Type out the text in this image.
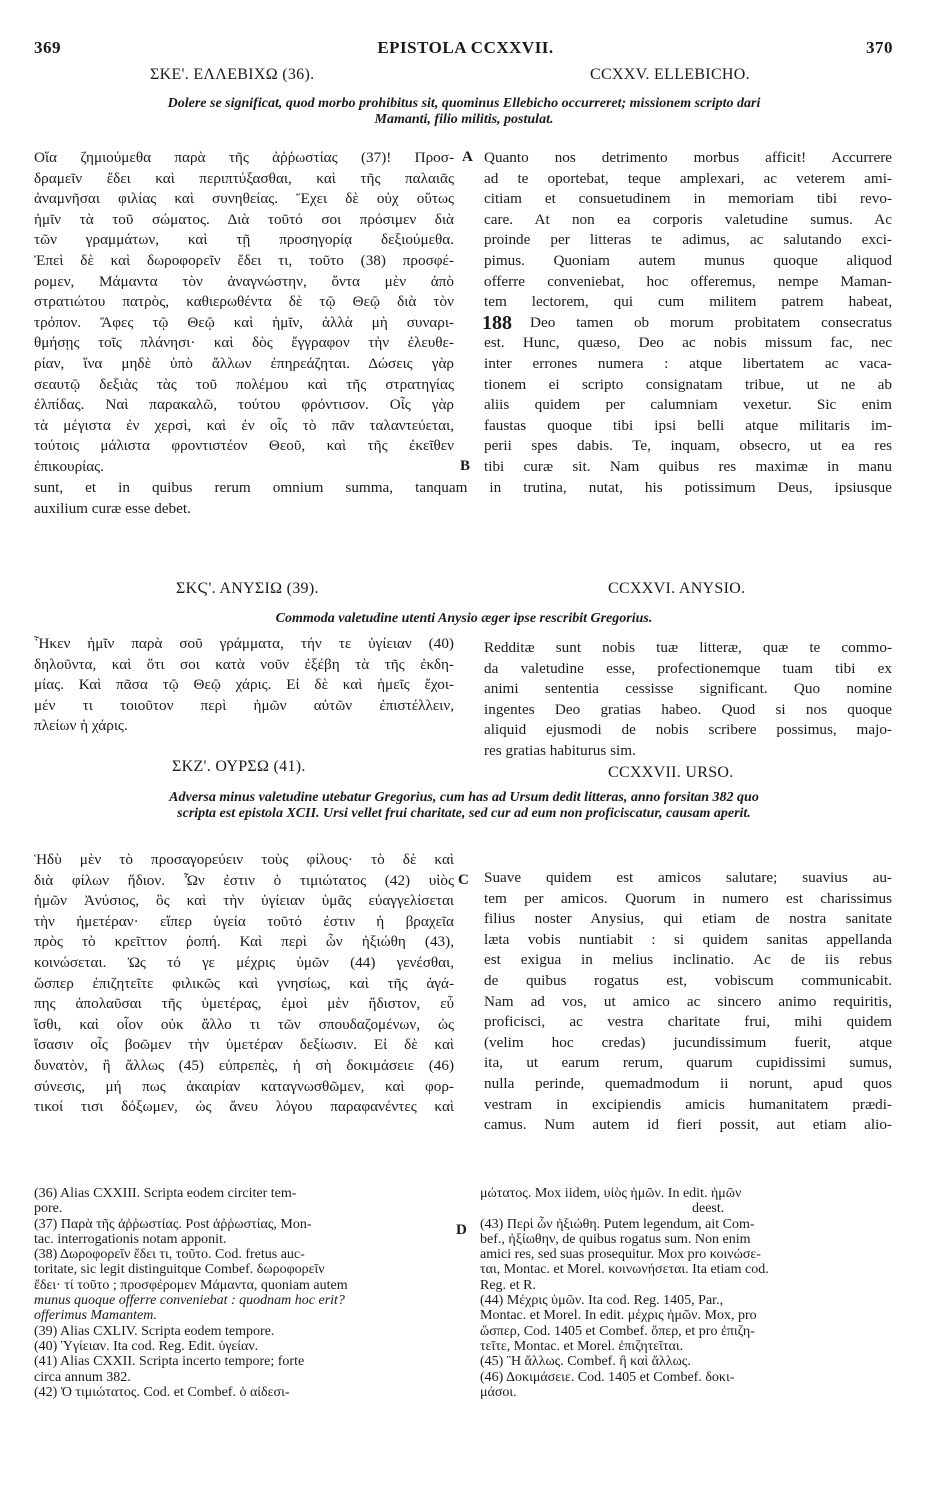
369	EPISTOLA CCXXVII.	370
ΣΚΕ'. ΕΛΛΕΒΙΧΩ (36).	CCXXV. ELLEBICHO.
Dolere se significat, quod morbo prohibitus sit, quominus Ellebicho occurreret; missionem scripto dari
Mamanti, filio militis, postulat.
Οἵα ζημιούμεθα παρὰ τῆς ἀῤῥωστίας (37)! Προσ-
δραμεῖν ἔδει καὶ περιπτύξασθαι, καὶ τῆς παλαιᾶς
ἀναμνῆσαι φιλίας καὶ συνηθείας. Ἔχει δὲ οὐχ οὕτως
ἡμῖν τὰ τοῦ σώματος. Διὰ τοῦτό σοι πρόσιμεν διὰ
τῶν γραμμάτων, καὶ τῇ προσηγορίᾳ δεξιούμεθα.
Ἐπεὶ δὲ καὶ δωροφορεῖν ἔδει τι, τοῦτο (38) προσφέ-
ρομεν, Μάμαντα τὸν ἀναγνώστην, ὄντα μὲν ἀπὸ
στρατιώτου πατρὸς, καθιερωθέντα δὲ τῷ Θεῷ διὰ τὸν
τρόπον. Ἄφες τῷ Θεῷ καὶ ἡμῖν, ἀλλὰ μὴ συναρι-
θμήσῃς τοῖς πλάνησι· καὶ δὸς ἔγγραφον τὴν ἐλευθε-
ρίαν, ἵνα μηδὲ ὑπὸ ἄλλων ἐπηρεάζηται. Δώσεις γὰρ
σεαυτῷ δεξιὰς τὰς τοῦ πολέμου καὶ τῆς στρατηγίας
ἐλπίδας. Ναὶ παρακαλῶ, τούτου φρόντισον. Οἷς γὰρ
τὰ μέγιστα ἐν χερσὶ, καὶ ἐν οἷς τὸ πᾶν ταλαντεύεται,
τούτοις μάλιστα φροντιστέον Θεοῦ, καὶ τῆς ἐκεῖθεν
ἐπικουρίας.
A Quanto nos detrimento morbus afficit! Accurrere
ad te oportebat, teque amplexari, ac veterem ami-
citiam et consuetudinem in memoriam tibi revo-
care. At non ea corporis valetudine sumus. Ac
proinde per litteras te adimus, ac salutando exci-
pimus. Quoniam autem munus quoque aliquod
offerre conveniebat, hoc offeremus, nempe Maman-
tem lectorem, qui cum militem patrem habeat,
Deo tamen ob morum probitatem consecratus
est. Hunc, quæso, Deo ac nobis missum fac, nec
inter errones numera : atque libertatem ac vaca-
tionem ei scripto consignatam tribue, ut ne ab
aliis quidem per calumniam vexetur. Sic enim
faustas quoque tibi ipsi belli atque militaris im-
perii spes dabis. Te, inquam, obsecro, ut ea res
tibi curæ sit. Nam quibus res maximæ in manu
188
B
sunt, et in quibus rerum omnium summa, tanquam in trutina, nutat, his potissimum Deus, ipsiusque
auxilium curæ esse debet.
ΣΚϚ'. ΑΝΥΣΙΩ (39).	CCXXVI. ANYSIO.
Commoda valetudine utenti Anysio æger ipse rescribit Gregorius.
Ἧκεν ἡμῖν παρὰ σοῦ γράμματα, τήν τε ὑγίειαν (40)
δηλοῦντα, καὶ ὅτι σοι κατὰ νοῦν ἐξέβη τὰ τῆς ἐκδη-
μίας. Καὶ πᾶσα τῷ Θεῷ χάρις. Εἰ δὲ καὶ ἡμεῖς ἔχοι-
μέν τι τοιοῦτον περὶ ἡμῶν αὐτῶν ἐπιστέλλειν,
πλείων ἡ χάρις.
Redditæ sunt nobis tuæ litteræ, quæ te commo-
da valetudine esse, profectionemque tuam tibi ex
animi sententia cessisse significant. Quo nomine
ingentes Deo gratias habeo. Quod si nos quoque
aliquid ejusmodi de nobis scribere possimus, majo-
res gratias habiturus sim.
ΣΚΖ'. ΟΥΡΣΩ (41).	CCXXVII. URSO.
Adversa minus valetudine utebatur Gregorius, cum has ad Ursum dedit litteras, anno forsitan 382 quo
scripta est epistola XCII. Ursi vellet frui charitate, sed cur ad eum non proficiscatur, causam aperit.
Ἡδὺ μὲν τὸ προσαγορεύειν τοὺς φίλους· τὸ δὲ καὶ
διὰ φίλων ἥδιον. Ὧν ἐστιν ὁ τιμιώτατος (42) υἱὸς
ἡμῶν Ἀνύσιος, ὃς καὶ τὴν ὑγίειαν ὑμᾶς εὐαγγελίσεται
τὴν ἡμετέραν· εἴπερ ὑγεία τοῦτό ἐστιν ἡ βραχεῖα
πρὸς τὸ κρεῖττον ῥοπή. Καὶ περὶ ὧν ἠξιώθη (43),
κοινώσεται. Ὡς τό γε μέχρις ὑμῶν (44) γενέσθαι,
ὥσπερ ἐπιζητεῖτε φιλικῶς καὶ γνησίως, καὶ τῆς ἀγά-
πης ἀπολαῦσαι τῆς ὑμετέρας, ἐμοὶ μὲν ἥδιστον, εὖ
ἴσθι, καὶ οἷον οὐκ ἄλλο τι τῶν σπουδαζομένων, ὡς
ἴσασιν οἷς βοῶμεν τὴν ὑμετέραν δεξίωσιν. Εἰ δὲ καὶ
δυνατὸν, ἢ ἄλλως (45) εὐπρεπὲς, ἡ σὴ δοκιμάσειε (46)
σύνεσις, μή πως ἀκαιρίαν καταγνωσθῶμεν, καὶ φορ-
τικοί τισι δόξωμεν, ὡς ἄνευ λόγου παραφανέντες καὶ
C Suave quidem est amicos salutare; suavius au-
tem per amicos. Quorum in numero est charissimus
filius noster Anysius, qui etiam de nostra sanitate
læta vobis nuntiabit : si quidem sanitas appellanda
est exigua in melius inclinatio. Ac de iis rebus
de quibus rogatus est, vobiscum communicabit.
Nam ad vos, ut amico ac sincero animo requiritis,
proficisci, ac vestra charitate frui, mihi quidem
(velim hoc credas) jucundissimum fuerit, atque
ita, ut earum rerum, quarum cupidissimi sumus,
nulla perinde, quemadmodum ii norunt, apud quos
vestram in excipiendis amicis humanitatem prædi-
camus. Num autem id fieri possit, aut etiam alio-
D
(36) Alias CXXIII. Scripta eodem circiter tem-
pore.
(37) Παρὰ τῆς ἀῤῥωστίας. Post ἀῤῥωστίας, Mon-
tac. interrogationis notam apponit.
(38) Δωροφορεῖν ἔδει τι, τοῦτο. Cod. fretus auc-
toritate, sic legit distinguitque Combef. δωροφορεῖν
ἔδει· τί τοῦτο ; προσφέρομεν Μάμαντα, quoniam autem
munus quoque offerre conveniebat : quodnam hoc erit?
offerimus Mamantem.
(39) Alias CXLIV. Scripta eodem tempore.
(40) Ὑγίειαν. Ita cod. Reg. Edit. ὑγείαν.
(41) Alias CXXII. Scripta incerto tempore; forte
circa annum 382.
(42) Ὁ τιμιώτατος. Cod. et Combef. ὁ αἰδεσι-
μώτατος. Mox iidem, υἱὸς ἡμῶν. In edit. ἡμῶν
deest.
(43) Περὶ ὧν ἠξιώθη. Putem legendum, ait Com-
bef., ἠξίωθην, de quibus rogatus sum. Non enim
amici res, sed suas prosequitur. Mox pro κοινώσε-
ται, Montac. et Morel. κοινωνήσεται. Ita etiam cod.
Reg. et R.
(44) Μέχρις ὑμῶν. Ita cod. Reg. 1405, Par.,
Montac. et Morel. In edit. μέχρις ἡμῶν. Mox, pro
ὥσπερ, Cod. 1405 et Combef. ὅπερ, et pro ἐπιζη-
τεῖτε, Montac. et Morel. ἐπιζητεῖται.
(45) Ἢ ἄλλως. Combef. ἢ καὶ ἄλλως.
(46) Δοκιμάσειε. Cod. 1405 et Combef. δοκι-
μάσοι.
